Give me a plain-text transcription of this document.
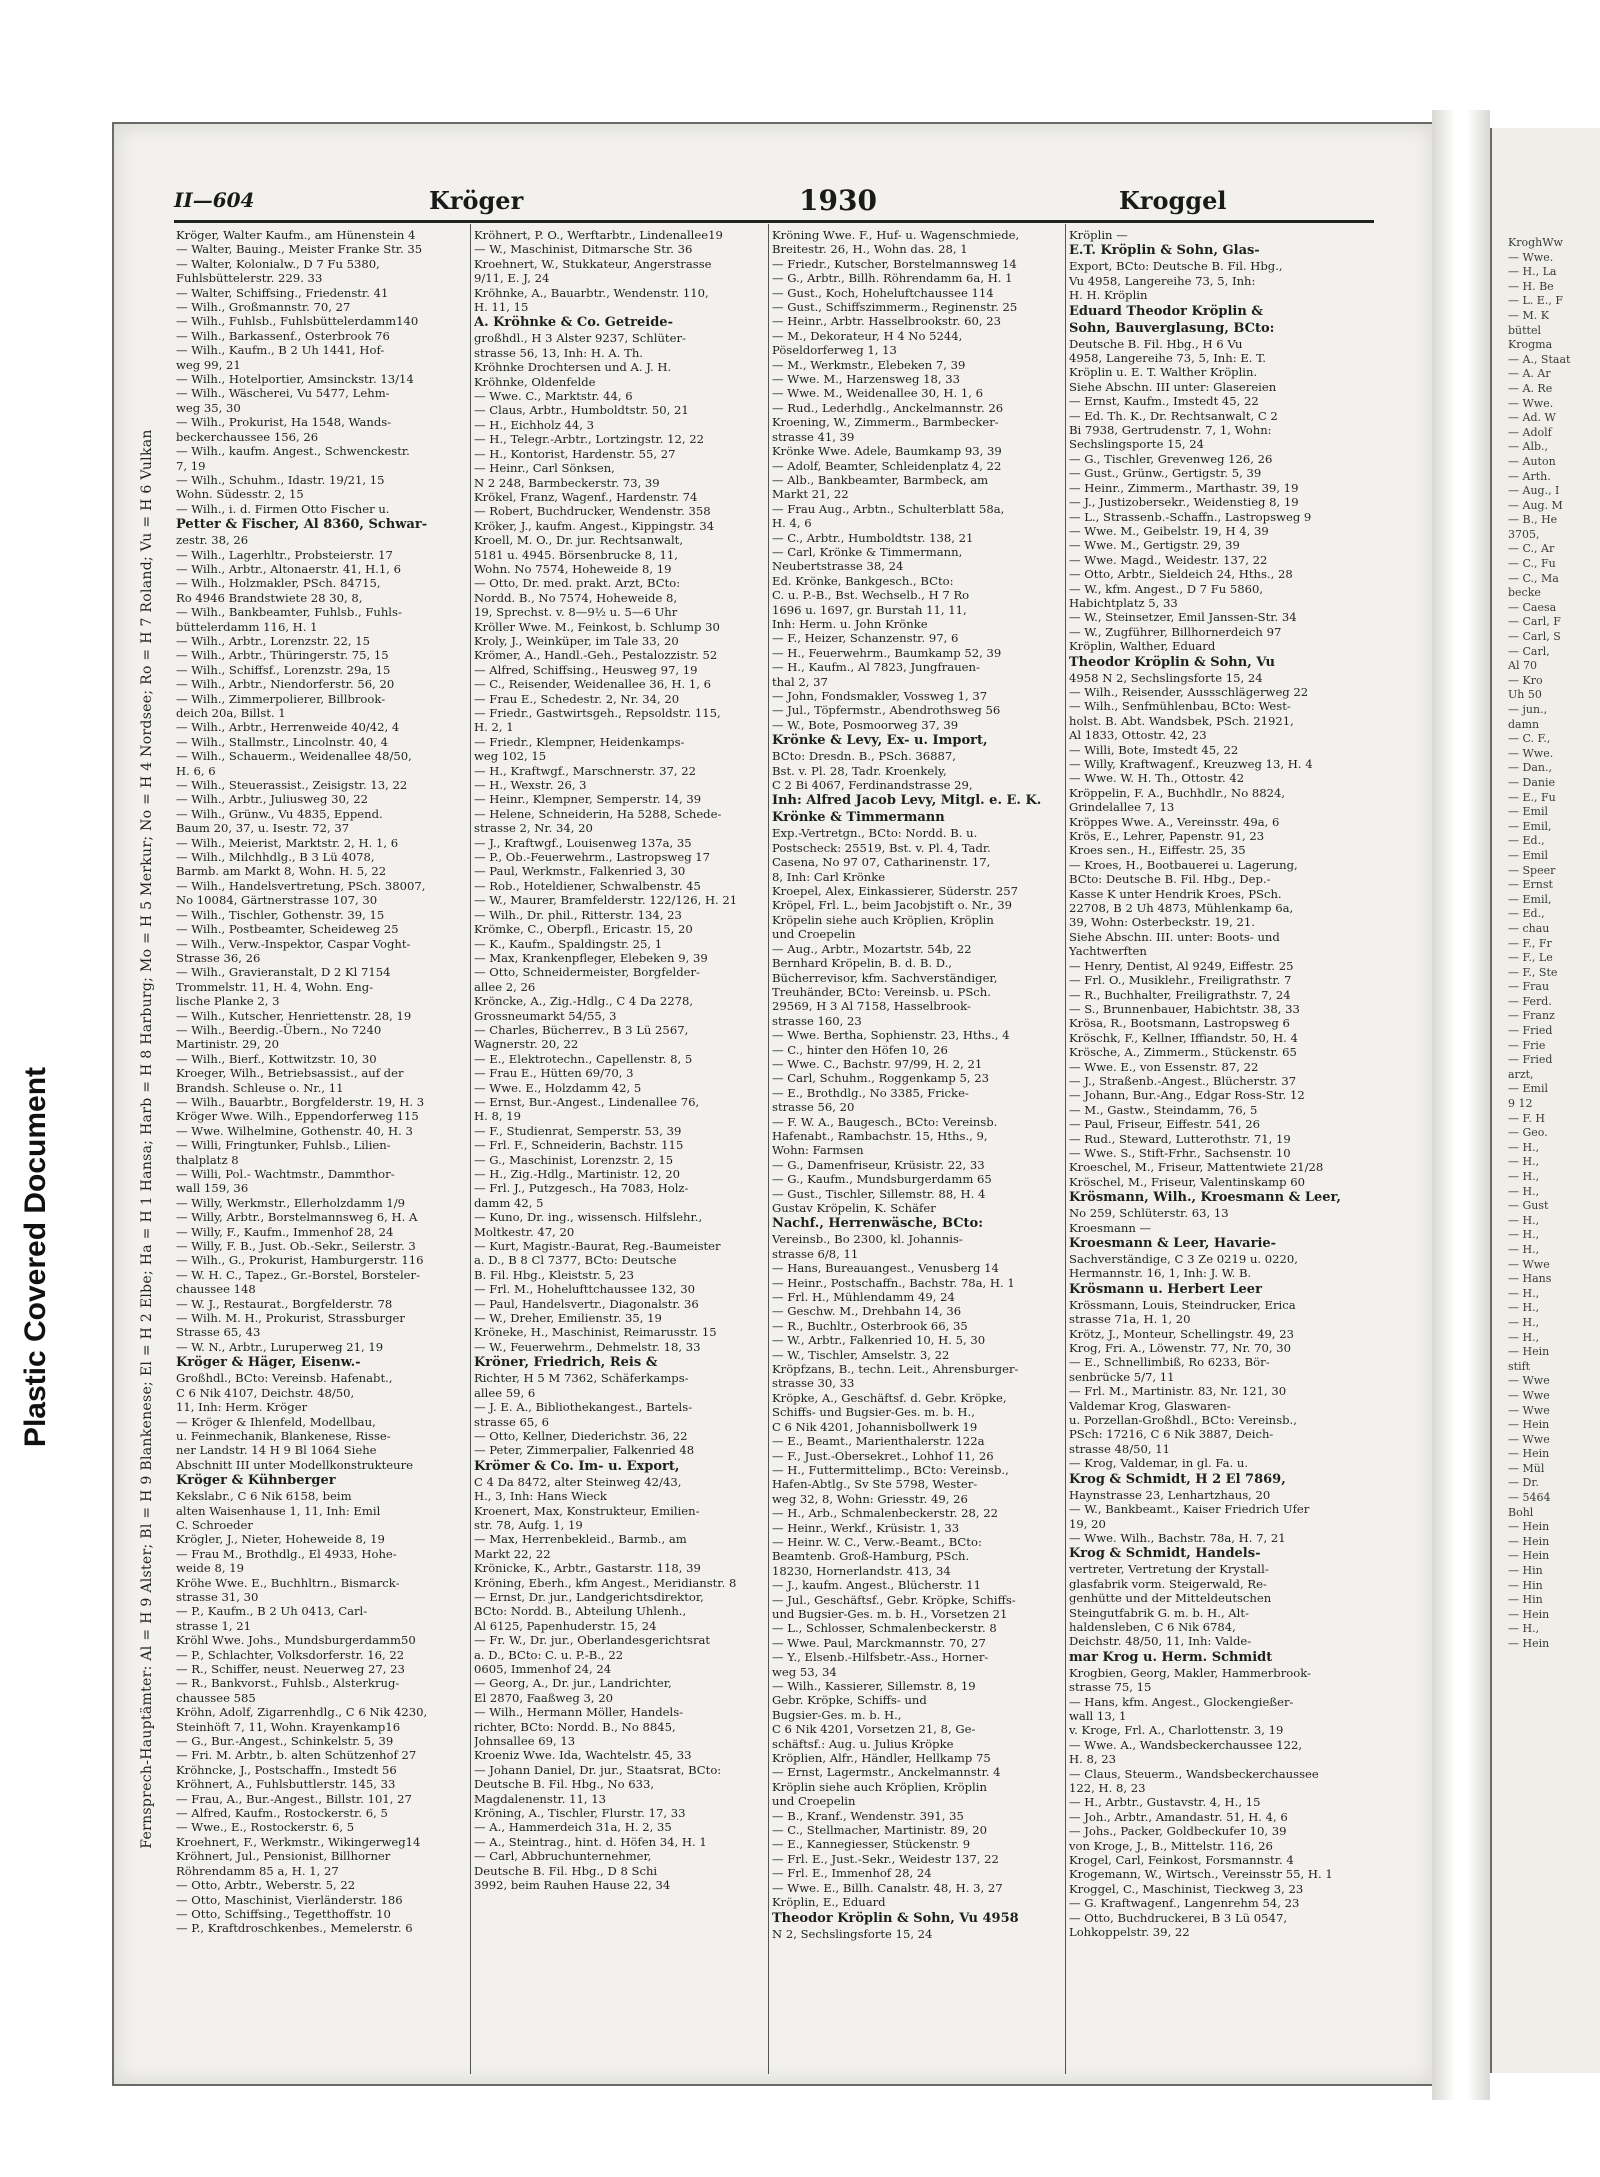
Plastic Covered Document
II—604	Kröger	1930	Kroggel
Fernsprech-Hauptämter: Al = H 9 Alster; Bl = H 9 Blankenese; El = H 2 Elbe; Ha = H 1 Hansa; Harb = H 8 Harburg; Mo = H 5 Merkur; No = H 4 Nordsee; Ro = H 7 Roland; Vu = H 6 Vulkan
Kröger, Walter Kaufm., am Hünenstein 4
— Walter, Bauing., Meister Franke Str. 35
— Walter, Kolonialw., D 7 Fu 5380,
Fuhlsbüttelerstr. 229. 33
— Walter, Schiffsing., Friedenstr. 41
— Wilh., Großmannstr. 70, 27
— Wilh., Fuhlsb., Fuhlsbüttelerdamm140
— Wilh., Barkassenf., Osterbrook 76
— Wilh., Kaufm., B 2 Uh 1441, Hof-
weg 99, 21
— Wilh., Hotelportier, Amsinckstr. 13/14
— Wilh., Wäscherei, Vu 5477, Lehm-
weg 35, 30
— Wilh., Prokurist, Ha 1548, Wands-
beckerchaussee 156, 26
— Wilh., kaufm. Angest., Schwenckestr.
7, 19
— Wilh., Schuhm., Idastr. 19/21, 15
Wohn. Südesstr. 2, 15
— Wilh., i. d. Firmen Otto Fischer u.
Petter & Fischer, Al 8360, Schwar-
zestr. 38, 26
— Wilh., Lagerhltr., Probsteierstr. 17
— Wilh., Arbtr., Altonaerstr. 41, H.1, 6
— Wilh., Holzmakler, PSch. 84715,
Ro 4946 Brandstwiete 28 30, 8,
— Wilh., Bankbeamter, Fuhlsb., Fuhls-
büttelerdamm 116, H. 1
— Wilh., Arbtr., Lorenzstr. 22, 15
— Wilh., Arbtr., Thüringerstr. 75, 15
— Wilh., Schiffsf., Lorenzstr. 29a, 15
— Wilh., Arbtr., Niendorferstr. 56, 20
— Wilh., Zimmerpolierer, Billbrook-
deich 20a, Billst. 1
— Wilh., Arbtr., Herrenweide 40/42, 4
— Wilh., Stallmstr., Lincolnstr. 40, 4
— Wilh., Schauerm., Weidenallee 48/50,
H. 6, 6
— Wilh., Steuerassist., Zeisigstr. 13, 22
— Wilh., Arbtr., Juliusweg 30, 22
— Wilh., Grünw., Vu 4835, Eppend.
Baum 20, 37, u. Isestr. 72, 37
— Wilh., Meierist, Marktstr. 2, H. 1, 6
— Wilh., Milchhdlg., B 3 Lü 4078,
Barmb. am Markt 8, Wohn. H. 5, 22
— Wilh., Handelsvertretung, PSch. 38007,
No 10084, Gärtnerstrasse 107, 30
— Wilh., Tischler, Gothenstr. 39, 15
— Wilh., Postbeamter, Scheideweg 25
— Wilh., Verw.-Inspektor, Caspar Voght-
Strasse 36, 26
— Wilh., Gravieranstalt, D 2 Kl 7154
Trommelstr. 11, H. 4, Wohn. Eng-
lische Planke 2, 3
— Wilh., Kutscher, Henriettenstr. 28, 19
— Wilh., Beerdig.-Übern., No 7240
Martinistr. 29, 20
— Wilh., Bierf., Kottwitzstr. 10, 30
Kroeger, Wilh., Betriebsassist., auf der
Brandsh. Schleuse o. Nr., 11
— Wilh., Bauarbtr., Borgfelderstr. 19, H. 3
Kröger Wwe. Wilh., Eppendorferweg 115
— Wwe. Wilhelmine, Gothenstr. 40, H. 3
— Willi, Fringtunker, Fuhlsb., Lilien-
thalplatz 8
— Willi, Pol.- Wachtmstr., Dammthor-
wall 159, 36
— Willy, Werkmstr., Ellerholzdamm 1/9
— Willy, Arbtr., Borstelmannsweg 6, H. A
— Willy, F., Kaufm., Immenhof 28, 24
— Willy, F. B., Just. Ob.-Sekr., Seilerstr. 3
— Wilh., G., Prokurist, Hamburgerstr. 116
— W. H. C., Tapez., Gr.-Borstel, Borsteler-
chaussee 148
— W. J., Restaurat., Borgfelderstr. 78
— Wilh. M. H., Prokurist, Strassburger
Strasse 65, 43
— W. N., Arbtr., Luruperweg 21, 19
Kröger & Häger, Eisenw.-
Großhdl., BCto: Vereinsb. Hafenabt.,
C 6 Nik 4107, Deichstr. 48/50,
11, Inh: Herm. Kröger
— Kröger & Ihlenfeld, Modellbau,
u. Feinmechanik, Blankenese, Risse-
ner Landstr. 14 H 9 Bl 1064 Siehe
Abschnitt III unter Modellkonstrukteure
Kröger & Kühnberger
Kekslabr., C 6 Nik 6158, beim
alten Waisenhause 1, 11, Inh: Emil
C. Schroeder
Krögler, J., Nieter, Hoheweide 8, 19
— Frau M., Brothdlg., El 4933, Hohe-
weide 8, 19
Kröhe Wwe. E., Buchhltrn., Bismarck-
strasse 31, 30
— P., Kaufm., B 2 Uh 0413, Carl-
strasse 1, 21
Kröhl Wwe. Johs., Mundsburgerdamm50
— P., Schlachter, Volksdorferstr. 16, 22
— R., Schiffer, neust. Neuerweg 27, 23
— R., Bankvorst., Fuhlsb., Alsterkrug-
chaussee 585
Kröhn, Adolf, Zigarrenhdlg., C 6 Nik 4230,
Steinhöft 7, 11, Wohn. Krayenkamp16
— G., Bur.-Angest., Schinkelstr. 5, 39
— Fri. M. Arbtr., b. alten Schützenhof 27
Kröhncke, J., Postschaffn., Imstedt 56
Kröhnert, A., Fuhlsbuttlerstr. 145, 33
— Frau, A., Bur.-Angest., Billstr. 101, 27
— Alfred, Kaufm., Rostockerstr. 6, 5
— Wwe., E., Rostockerstr. 6, 5
Kroehnert, F., Werkmstr., Wikingerweg14
Kröhnert, Jul., Pensionist, Billhorner
Röhrendamm 85 a, H. 1, 27
— Otto, Arbtr., Weberstr. 5, 22
— Otto, Maschinist, Vierländerstr. 186
— Otto, Schiffsing., Tegetthoffstr. 10
— P., Kraftdroschkenbes., Memelerstr. 6
Kröhnert, P. O., Werftarbtr., Lindenallee19
— W., Maschinist, Ditmarsche Str. 36
Kroehnert, W., Stukkateur, Angerstrasse
9/11, E. J, 24
Kröhnke, A., Bauarbtr., Wendenstr. 110,
H. 11, 15
A. Kröhnke & Co. Getreide-
großhdl., H 3 Alster 9237, Schlüter-
strasse 56, 13, Inh: H. A. Th.
Kröhnke Drochtersen und A. J. H.
Kröhnke, Oldenfelde
— Wwe. C., Marktstr. 44, 6
— Claus, Arbtr., Humboldtstr. 50, 21
— H., Eichholz 44, 3
— H., Telegr.-Arbtr., Lortzingstr. 12, 22
— H., Kontorist, Hardenstr. 55, 27
— Heinr., Carl Sönksen,
N 2 248, Barmbeckerstr. 73, 39
Krökel, Franz, Wagenf., Hardenstr. 74
— Robert, Buchdrucker, Wendenstr. 358
Kröker, J., kaufm. Angest., Kippingstr. 34
Kroell, M. O., Dr. jur. Rechtsanwalt,
5181 u. 4945. Börsenbrucke 8, 11,
Wohn. No 7574, Hoheweide 8, 19
— Otto, Dr. med. prakt. Arzt, BCto:
Nordd. B., No 7574, Hoheweide 8,
19, Sprechst. v. 8—9½ u. 5—6 Uhr
Kröller Wwe. M., Feinkost, b. Schlump 30
Kroly, J., Weinküper, im Tale 33, 20
Krömer, A., Handl.-Geh., Pestalozzistr. 52
— Alfred, Schiffsing., Heusweg 97, 19
— C., Reisender, Weidenallee 36, H. 1, 6
— Frau E., Schedestr. 2, Nr. 34, 20
— Friedr., Gastwirtsgeh., Repsoldstr. 115,
H. 2, 1
— Friedr., Klempner, Heidenkamps-
weg 102, 15
— H., Kraftwgf., Marschnerstr. 37, 22
— H., Wexstr. 26, 3
— Heinr., Klempner, Semperstr. 14, 39
— Helene, Schneiderin, Ha 5288, Schede-
strasse 2, Nr. 34, 20
— J., Kraftwgf., Louisenweg 137a, 35
— P., Ob.-Feuerwehrm., Lastropsweg 17
— Paul, Werkmstr., Falkenried 3, 30
— Rob., Hoteldiener, Schwalbenstr. 45
— W., Maurer, Bramfelderstr. 122/126, H. 21
— Wilh., Dr. phil., Ritterstr. 134, 23
Krömke, C., Oberpfl., Ericastr. 15, 20
— K., Kaufm., Spaldingstr. 25, 1
— Max, Krankenpfleger, Elebeken 9, 39
— Otto, Schneidermeister, Borgfelder-
allee 2, 26
Kröncke, A., Zig.-Hdlg., C 4 Da 2278,
Grossneumarkt 54/55, 3
— Charles, Bücherrev., B 3 Lü 2567,
Wagnerstr. 20, 22
— E., Elektrotechn., Capellenstr. 8, 5
— Frau E., Hütten 69/70, 3
— Wwe. E., Holzdamm 42, 5
— Ernst, Bur.-Angest., Lindenallee 76,
H. 8, 19
— F., Studienrat, Semperstr. 53, 39
— Frl. F., Schneiderin, Bachstr. 115
— G., Maschinist, Lorenzstr. 2, 15
— H., Zig.-Hdlg., Martinistr. 12, 20
— Frl. J., Putzgesch., Ha 7083, Holz-
damm 42, 5
— Kuno, Dr. ing., wissensch. Hilfslehr.,
Moltkestr. 47, 20
— Kurt, Magistr.-Baurat, Reg.-Baumeister
a. D., B 8 Cl 7377, BCto: Deutsche
B. Fil. Hbg., Kleiststr. 5, 23
— Frl. M., Hohelufttchaussee 132, 30
— Paul, Handelsvertr., Diagonalstr. 36
— W., Dreher, Emilienstr. 35, 19
Kröneke, H., Maschinist, Reimarusstr. 15
— W., Feuerwehrm., Dehmelstr. 18, 33
Kröner, Friedrich, Reis &
Richter, H 5 M 7362, Schäferkamps-
allee 59, 6
— J. E. A., Bibliothekangest., Bartels-
strasse 65, 6
— Otto, Kellner, Diederichstr. 36, 22
— Peter, Zimmerpalier, Falkenried 48
Krömer & Co. Im- u. Export,
C 4 Da 8472, alter Steinweg 42/43,
H., 3, Inh: Hans Wieck
Kroenert, Max, Konstrukteur, Emilien-
str. 78, Aufg. 1, 19
— Max, Herrenbekleid., Barmb., am
Markt 22, 22
Krönicke, K., Arbtr., Gastarstr. 118, 39
Kröning, Eberh., kfm Angest., Meridianstr. 8
— Ernst, Dr. jur., Landgerichtsdirektor,
BCto: Nordd. B., Abteilung Uhlenh.,
Al 6125, Papenhuderstr. 15, 24
— Fr. W., Dr. jur., Oberlandesgerichtsrat
a. D., BCto: C. u. P.-B., 22
0605, Immenhof 24, 24
— Georg, A., Dr. jur., Landrichter,
El 2870, Faaßweg 3, 20
— Wilh., Hermann Möller, Handels-
richter, BCto: Nordd. B., No 8845,
Johnsallee 69, 13
Kroeniz Wwe. Ida, Wachtelstr. 45, 33
— Johann Daniel, Dr. jur., Staatsrat, BCto:
Deutsche B. Fil. Hbg., No 633,
Magdalenenstr. 11, 13
Kröning, A., Tischler, Flurstr. 17, 33
— A., Hammerdeich 31a, H. 2, 35
— A., Steintrag., hint. d. Höfen 34, H. 1
— Carl, Abbruchunternehmer,
Deutsche B. Fil. Hbg., D 8 Schi
3992, beim Rauhen Hause 22, 34
Kröning Wwe. F., Huf- u. Wagenschmiede,
Breitestr. 26, H., Wohn das. 28, 1
— Friedr., Kutscher, Borstelmannsweg 14
— G., Arbtr., Billh. Röhrendamm 6a, H. 1
— Gust., Koch, Hoheluftchaussee 114
— Gust., Schiffszimmerm., Reginenstr. 25
— Heinr., Arbtr. Hasselbrookstr. 60, 23
— M., Dekorateur, H 4 No 5244,
Pöseldorferweg 1, 13
— M., Werkmstr., Elebeken 7, 39
— Wwe. M., Harzensweg 18, 33
— Wwe. M., Weidenallee 30, H. 1, 6
— Rud., Lederhdlg., Anckelmannstr. 26
Kroening, W., Zimmerm., Barmbecker-
strasse 41, 39
Krönke Wwe. Adele, Baumkamp 93, 39
— Adolf, Beamter, Schleidenplatz 4, 22
— Alb., Bankbeamter, Barmbeck, am
Markt 21, 22
— Frau Aug., Arbtn., Schulterblatt 58a,
H. 4, 6
— C., Arbtr., Humboldtstr. 138, 21
— Carl, Krönke & Timmermann,
Neubertstrasse 38, 24
Ed. Krönke, Bankgesch., BCto:
C. u. P.-B., Bst. Wechselb., H 7 Ro
1696 u. 1697, gr. Burstah 11, 11,
Inh: Herm. u. John Krönke
— F., Heizer, Schanzenstr. 97, 6
— H., Feuerwehrm., Baumkamp 52, 39
— H., Kaufm., Al 7823, Jungfrauen-
thal 2, 37
— John, Fondsmakler, Vossweg 1, 37
— Jul., Töpfermstr., Abendrothsweg 56
— W., Bote, Posmoorweg 37, 39
Krönke & Levy, Ex- u. Import,
BCto: Dresdn. B., PSch. 36887,
Bst. v. Pl. 28, Tadr. Kroenkely,
C 2 Bi 4067, Ferdinandstrasse 29,
Inh: Alfred Jacob Levy, Mitgl. e. E. K.
Krönke & Timmermann
Exp.-Vertretgn., BCto: Nordd. B. u.
Postscheck: 25519, Bst. v. Pl. 4, Tadr.
Casena, No 97 07, Catharinenstr. 17,
8, Inh: Carl Krönke
Kroepel, Alex, Einkassierer, Süderstr. 257
Kröpel, Frl. L., beim Jacobjstift o. Nr., 39
Kröpelin siehe auch Kröplien, Kröplin
und Croepelin
— Aug., Arbtr., Mozartstr. 54b, 22
Bernhard Kröpelin, B. d. B. D.,
Bücherrevisor, kfm. Sachverständiger,
Treuhänder, BCto: Vereinsb. u. PSch.
29569, H 3 Al 7158, Hasselbrook-
strasse 160, 23
— Wwe. Bertha, Sophienstr. 23, Hths., 4
— C., hinter den Höfen 10, 26
— Wwe. C., Bachstr. 97/99, H. 2, 21
— Carl, Schuhm., Roggenkamp 5, 23
— E., Brothdlg., No 3385, Fricke-
strasse 56, 20
— F. W. A., Baugesch., BCto: Vereinsb.
Hafenabt., Rambachstr. 15, Hths., 9,
Wohn: Farmsen
— G., Damenfriseur, Krüsistr. 22, 33
— G., Kaufm., Mundsburgerdamm 65
— Gust., Tischler, Sillemstr. 88, H. 4
Gustav Kröpelin, K. Schäfer
Nachf., Herrenwäsche, BCto:
Vereinsb., Bo 2300, kl. Johannis-
strasse 6/8, 11
— Hans, Bureauangest., Venusberg 14
— Heinr., Postschaffn., Bachstr. 78a, H. 1
— Frl. H., Mühlendamm 49, 24
— Geschw. M., Drehbahn 14, 36
— R., Buchltr., Osterbrook 66, 35
— W., Arbtr., Falkenried 10, H. 5, 30
— W., Tischler, Amselstr. 3, 22
Kröpfzans, B., techn. Leit., Ahrensburger-
strasse 30, 33
Kröpke, A., Geschäftsf. d. Gebr. Kröpke,
Schiffs- und Bugsier-Ges. m. b. H.,
C 6 Nik 4201, Johannisbollwerk 19
— E., Beamt., Marienthalerstr. 122a
— F., Just.-Obersekret., Lohhof 11, 26
— H., Futtermittelimp., BCto: Vereinsb.,
Hafen-Abtlg., Sv Ste 5798, Wester-
weg 32, 8, Wohn: Griesstr. 49, 26
— H., Arb., Schmalenbeckerstr. 28, 22
— Heinr., Werkf., Krüsistr. 1, 33
— Heinr. W. C., Verw.-Beamt., BCto:
Beamtenb. Groß-Hamburg, PSch.
18230, Hornerlandstr. 413, 34
— J., kaufm. Angest., Blücherstr. 11
— Jul., Geschäftsf., Gebr. Kröpke, Schiffs-
und Bugsier-Ges. m. b. H., Vorsetzen 21
— L., Schlosser, Schmalenbeckerstr. 8
— Wwe. Paul, Marckmannstr. 70, 27
— Y., Elsenb.-Hilfsbetr.-Ass., Horner-
weg 53, 34
— Wilh., Kassierer, Sillemstr. 8, 19
Gebr. Kröpke, Schiffs- und
Bugsier-Ges. m. b. H.,
C 6 Nik 4201, Vorsetzen 21, 8, Ge-
schäftsf.: Aug. u. Julius Kröpke
Kröplien, Alfr., Händler, Hellkamp 75
— Ernst, Lagermstr., Anckelmannstr. 4
Kröplin siehe auch Kröplien, Kröplin
und Croepelin
— B., Kranf., Wendenstr. 391, 35
— C., Stellmacher, Martinistr. 89, 20
— E., Kannegiesser, Stückenstr. 9
— Frl. E., Just.-Sekr., Weidestr 137, 22
— Frl. E., Immenhof 28, 24
— Wwe. E., Billh. Canalstr. 48, H. 3, 27
Kröplin, E., Eduard
Theodor Kröplin & Sohn, Vu 4958
N 2, Sechslingsforte 15, 24
Kröplin —
E.T. Kröplin & Sohn, Glas-
Export, BCto: Deutsche B. Fil. Hbg.,
Vu 4958, Langereihe 73, 5, Inh:
H. H. Kröplin
Eduard Theodor Kröplin &
Sohn, Bauverglasung, BCto:
Deutsche B. Fil. Hbg., H 6 Vu
4958, Langereihe 73, 5, Inh: E. T.
Kröplin u. E. T. Walther Kröplin.
Siehe Abschn. III unter: Glasereien
— Ernst, Kaufm., Imstedt 45, 22
— Ed. Th. K., Dr. Rechtsanwalt, C 2
Bi 7938, Gertrudenstr. 7, 1, Wohn:
Sechslingsporte 15, 24
— G., Tischler, Grevenweg 126, 26
— Gust., Grünw., Gertigstr. 5, 39
— Heinr., Zimmerm., Marthastr. 39, 19
— J., Justizobersekr., Weidenstieg 8, 19
— L., Strassenb.-Schaffn., Lastropsweg 9
— Wwe. M., Geibelstr. 19, H 4, 39
— Wwe. M., Gertigstr. 29, 39
— Wwe. Magd., Weidestr. 137, 22
— Otto, Arbtr., Sieldeich 24, Hths., 28
— W., kfm. Angest., D 7 Fu 5860,
Habichtplatz 5, 33
— W., Steinsetzer, Emil Janssen-Str. 34
— W., Zugführer, Billhornerdeich 97
Kröplin, Walther, Eduard
Theodor Kröplin & Sohn, Vu
4958 N 2, Sechslingsforte 15, 24
— Wilh., Reisender, Aussschlägerweg 22
— Wilh., Senfmühlenbau, BCto: West-
holst. B. Abt. Wandsbek, PSch. 21921,
Al 1833, Ottostr. 42, 23
— Willi, Bote, Imstedt 45, 22
— Willy, Kraftwagenf., Kreuzweg 13, H. 4
— Wwe. W. H. Th., Ottostr. 42
Kröppelin, F. A., Buchhdlr., No 8824,
Grindelallee 7, 13
Kröppes Wwe. A., Vereinsstr. 49a, 6
Krös, E., Lehrer, Papenstr. 91, 23
Kroes sen., H., Eiffestr. 25, 35
— Kroes, H., Bootbauerei u. Lagerung,
BCto: Deutsche B. Fil. Hbg., Dep.-
Kasse K unter Hendrik Kroes, PSch.
22708, B 2 Uh 4873, Mühlenkamp 6a,
39, Wohn: Osterbeckstr. 19, 21.
Siehe Abschn. III. unter: Boots- und
Yachtwerften
— Henry, Dentist, Al 9249, Eiffestr. 25
— Frl. O., Musiklehr., Freiligrathstr. 7
— R., Buchhalter, Freiligrathstr. 7, 24
— S., Brunnenbauer, Habichtstr. 38, 33
Krösa, R., Bootsmann, Lastropsweg 6
Kröschk, F., Kellner, Iffiandstr. 50, H. 4
Krösche, A., Zimmerm., Stückenstr. 65
— Wwe. E., von Essenstr. 87, 22
— J., Straßenb.-Angest., Blücherstr. 37
— Johann, Bur.-Ang., Edgar Ross-Str. 12
— M., Gastw., Steindamm, 76, 5
— Paul, Friseur, Eiffestr. 541, 26
— Rud., Steward, Lutterothstr. 71, 19
— Wwe. S., Stift-Frhr., Sachsenstr. 10
Kroeschel, M., Friseur, Mattentwiete 21/28
Kröschel, M., Friseur, Valentinskamp 60
Krösmann, Wilh., Kroesmann & Leer,
No 259, Schlüterstr. 63, 13
Kroesmann —
Kroesmann & Leer, Havarie-
Sachverständige, C 3 Ze 0219 u. 0220,
Hermannstr. 16, 1, Inh: J. W. B.
Krösmann u. Herbert Leer
Krössmann, Louis, Steindrucker, Erica
strasse 71a, H. 1, 20
Krötz, J., Monteur, Schellingstr. 49, 23
Krog, Fri. A., Löwenstr. 77, Nr. 70, 30
— E., Schnellimbiß, Ro 6233, Bör-
senbrücke 5/7, 11
— Frl. M., Martinistr. 83, Nr. 121, 30
Valdemar Krog, Glaswaren-
u. Porzellan-Großhdl., BCto: Vereinsb.,
PSch: 17216, C 6 Nik 3887, Deich-
strasse 48/50, 11
— Krog, Valdemar, in gl. Fa. u.
Krog & Schmidt, H 2 El 7869,
Haynstrasse 23, Lenhartzhaus, 20
— W., Bankbeamt., Kaiser Friedrich Ufer
19, 20
— Wwe. Wilh., Bachstr. 78a, H. 7, 21
Krog & Schmidt, Handels-
vertreter, Vertretung der Krystall-
glasfabrik vorm. Steigerwald, Re-
genhütte und der Mitteldeutschen
Steingutfabrik G. m. b. H., Alt-
haldensleben, C 6 Nik 6784,
Deichstr. 48/50, 11, Inh: Valde-
mar Krog u. Herm. Schmidt
Krogbien, Georg, Makler, Hammerbrook-
strasse 75, 15
— Hans, kfm. Angest., Glockengießer-
wall 13, 1
v. Kroge, Frl. A., Charlottenstr. 3, 19
— Wwe. A., Wandsbeckerchaussee 122,
H. 8, 23
— Claus, Steuerm., Wandsbeckerchaussee
122, H. 8, 23
— H., Arbtr., Gustavstr. 4, H., 15
— Joh., Arbtr., Amandastr. 51, H. 4, 6
— Johs., Packer, Goldbeckufer 10, 39
von Kroge, J., B., Mittelstr. 116, 26
Krogel, Carl, Feinkost, Forsmannstr. 4
Krogemann, W., Wirtsch., Vereinsstr 55, H. 1
Kroggel, C., Maschinist, Tieckweg 3, 23
— G. Kraftwagenf., Langenrehm 54, 23
— Otto, Buchdruckerei, B 3 Lü 0547,
Lohkoppelstr. 39, 22
KroghWw
— Wwe.
— H., La
— H. Be
— L. E., F
— M. K
büttel
Krogma
— A., Staat
— A. Ar
— A. Re
— Wwe.
— Ad. W
— Adolf
— Alb.,
— Auton
— Arth.
— Aug., I
— Aug. M
— B., He
3705,
— C., Ar
— C., Fu
— C., Ma
becke
— Caesa
— Carl, F
— Carl, S
— Carl,
Al 70
— Kro
Uh 50
— jun.,
damn
— C. F.,
— Wwe.
— Dan.,
— Danie
— E., Fu
— Emil
— Emil,
— Ed.,
— Emil
— Speer
— Ernst
— Emil,
— Ed.,
— chau
— F., Fr
— F., Le
— F., Ste
— Frau
— Ferd.
— Franz
— Fried
— Frie
— Fried
arzt,
— Emil
9 12
— F. H
— Geo.
— H.,
— H.,
— H.,
— H.,
— Gust
— H.,
— H.,
— H.,
— Wwe
— Hans
— H.,
— H.,
— H.,
— H.,
— Hein
stift
— Wwe
— Wwe
— Wwe
— Hein
— Wwe
— Hein
— Mül
— Dr.
— 5464
Bohl
— Hein
— Hein
— Hein
— Hin
— Hin
— Hin
— Hein
— H.,
— Hein
